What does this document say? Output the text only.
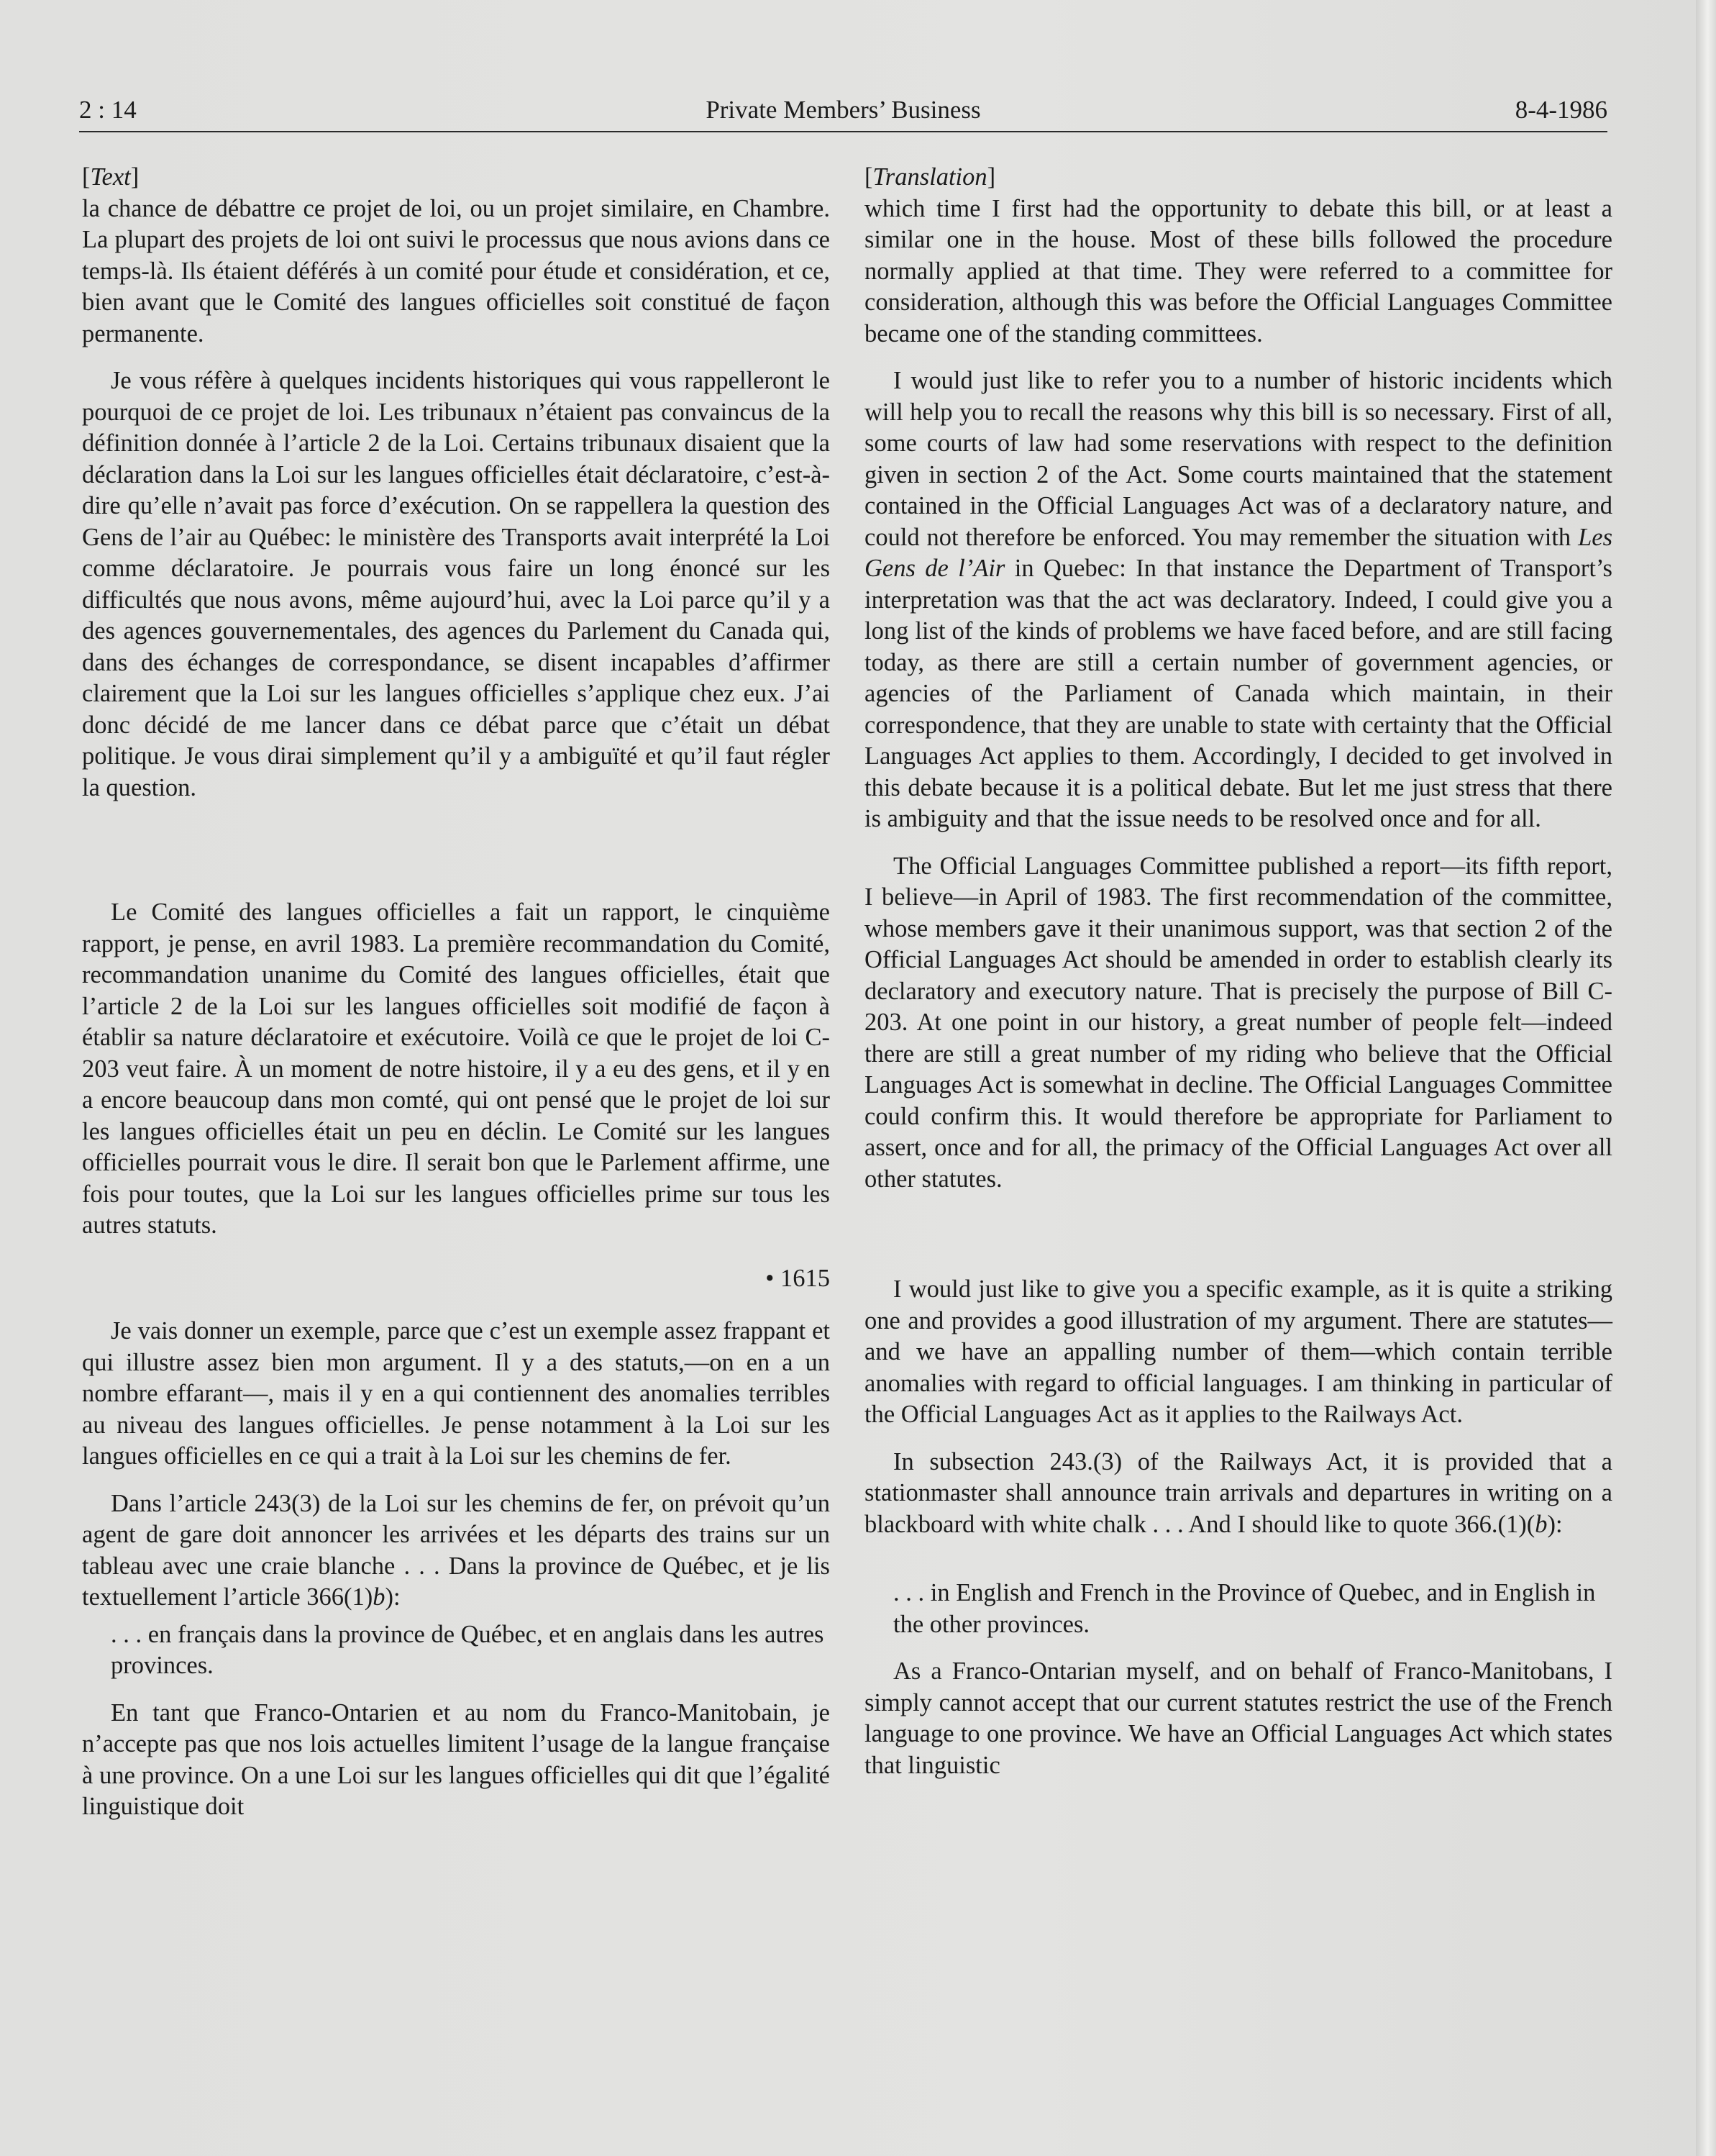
2 : 14	Private Members’ Business	8-4-1986

[Text]

la chance de débattre ce projet de loi, ou un projet similaire, en Chambre. La plupart des projets de loi ont suivi le processus que nous avions dans ce temps-là. Ils étaient déférés à un comité pour étude et considération, et ce, bien avant que le Comité des langues officielles soit constitué de façon permanente.

Je vous réfère à quelques incidents historiques qui vous rappelleront le pourquoi de ce projet de loi. Les tribunaux n’étaient pas convaincus de la définition donnée à l’article 2 de la Loi. Certains tribunaux disaient que la déclaration dans la Loi sur les langues officielles était déclaratoire, c’est-à-dire qu’elle n’avait pas force d’exécution. On se rappellera la question des Gens de l’air au Québec: le ministère des Transports avait interprété la Loi comme déclaratoire. Je pourrais vous faire un long énoncé sur les difficultés que nous avons, même aujourd’hui, avec la Loi parce qu’il y a des agences gouvernementales, des agences du Parlement du Canada qui, dans des échanges de correspondance, se disent incapables d’affirmer clairement que la Loi sur les langues officielles s’applique chez eux. J’ai donc décidé de me lancer dans ce débat parce que c’était un débat politique. Je vous dirai simplement qu’il y a ambiguïté et qu’il faut régler la question.

Le Comité des langues officielles a fait un rapport, le cinquième rapport, je pense, en avril 1983. La première recommandation du Comité, recommandation unanime du Comité des langues officielles, était que l’article 2 de la Loi sur les langues officielles soit modifié de façon à établir sa nature déclaratoire et exécutoire. Voilà ce que le projet de loi C-203 veut faire. À un moment de notre histoire, il y a eu des gens, et il y en a encore beaucoup dans mon comté, qui ont pensé que le projet de loi sur les langues officielles était un peu en déclin. Le Comité sur les langues officielles pourrait vous le dire. Il serait bon que le Parlement affirme, une fois pour toutes, que la Loi sur les langues officielles prime sur tous les autres statuts.

• 1615

Je vais donner un exemple, parce que c’est un exemple assez frappant et qui illustre assez bien mon argument. Il y a des statuts,—on en a un nombre effarant—, mais il y en a qui contiennent des anomalies terribles au niveau des langues officielles. Je pense notamment à la Loi sur les langues officielles en ce qui a trait à la Loi sur les chemins de fer.

Dans l’article 243(3) de la Loi sur les chemins de fer, on prévoit qu’un agent de gare doit annoncer les arrivées et les départs des trains sur un tableau avec une craie blanche . . . Dans la province de Québec, et je lis textuellement l’article 366(1)b):

. . . en français dans la province de Québec, et en anglais dans les autres provinces.

En tant que Franco-Ontarien et au nom du Franco-Manitobain, je n’accepte pas que nos lois actuelles limitent l’usage de la langue française à une province. On a une Loi sur les langues officielles qui dit que l’égalité linguistique doit

[Translation]

which time I first had the opportunity to debate this bill, or at least a similar one in the house. Most of these bills followed the procedure normally applied at that time. They were referred to a committee for consideration, although this was before the Official Languages Committee became one of the standing committees.

I would just like to refer you to a number of historic incidents which will help you to recall the reasons why this bill is so necessary. First of all, some courts of law had some reservations with respect to the definition given in section 2 of the Act. Some courts maintained that the statement contained in the Official Languages Act was of a declaratory nature, and could not therefore be enforced. You may remember the situation with Les Gens de l’Air in Quebec: In that instance the Department of Transport’s interpretation was that the act was declaratory. Indeed, I could give you a long list of the kinds of problems we have faced before, and are still facing today, as there are still a certain number of government agencies, or agencies of the Parliament of Canada which maintain, in their correspondence, that they are unable to state with certainty that the Official Languages Act applies to them. Accordingly, I decided to get involved in this debate because it is a political debate. But let me just stress that there is ambiguity and that the issue needs to be resolved once and for all.

The Official Languages Committee published a report—its fifth report, I believe—in April of 1983. The first recommendation of the committee, whose members gave it their unanimous support, was that section 2 of the Official Languages Act should be amended in order to establish clearly its declaratory and executory nature. That is precisely the purpose of Bill C-203. At one point in our history, a great number of people felt—indeed there are still a great number of my riding who believe that the Official Languages Act is somewhat in decline. The Official Languages Committee could confirm this. It would therefore be appropriate for Parliament to assert, once and for all, the primacy of the Official Languages Act over all other statutes.

I would just like to give you a specific example, as it is quite a striking one and provides a good illustration of my argument. There are statutes—and we have an appalling number of them—which contain terrible anomalies with regard to official languages. I am thinking in particular of the Official Languages Act as it applies to the Railways Act.

In subsection 243.(3) of the Railways Act, it is provided that a stationmaster shall announce train arrivals and departures in writing on a blackboard with white chalk . . . And I should like to quote 366.(1)(b):

. . . in English and French in the Province of Quebec, and in English in the other provinces.

As a Franco-Ontarian myself, and on behalf of Franco-Manitobans, I simply cannot accept that our current statutes restrict the use of the French language to one province. We have an Official Languages Act which states that linguistic
